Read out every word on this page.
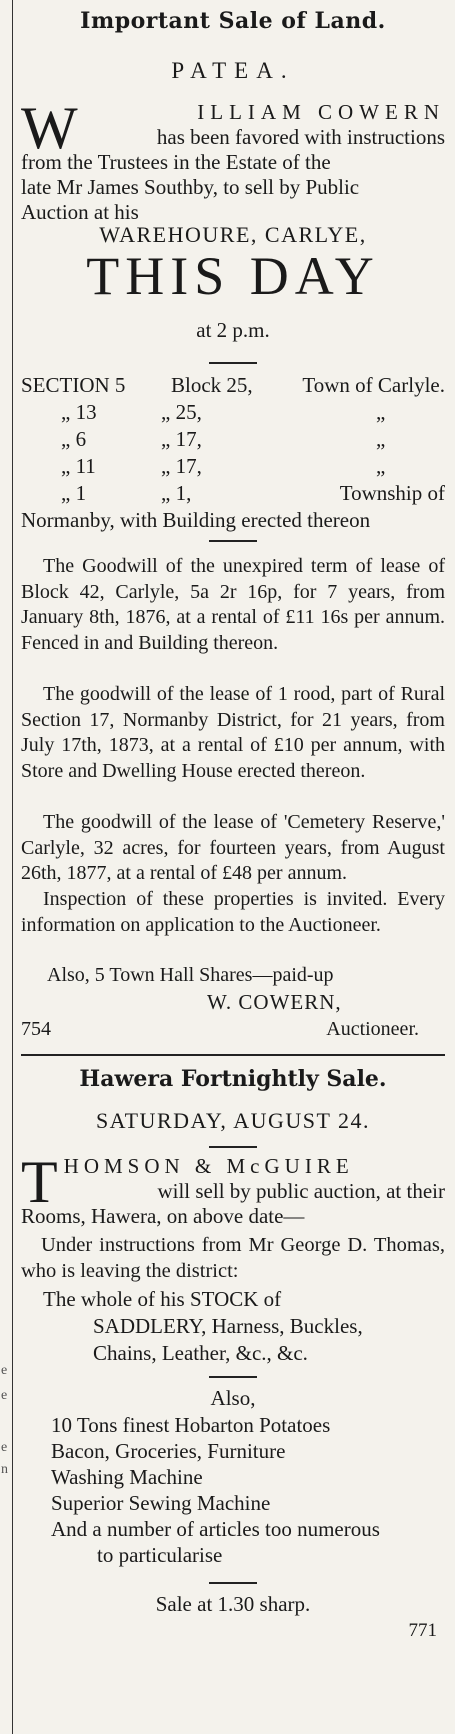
e
e
e
n
Important Sale of Land.
PATEA.
W	ILLIAM COWERN
has been favored with instructions
from the Trustees in the Estate of the
late Mr James Southby, to sell by Public
Auction at his
WAREHOURE, CARLYE,
THIS DAY
at 2 p.m.
SECTION 5	Block 25,	Town of Carlyle.
„ 13	„ 25,	„
„ 6	„ 17,	„
„ 11	„ 17,	„
„ 1	„ 1,	Township of
Normanby, with Building erected thereon
The Goodwill of the unexpired term of lease of Block 42, Carlyle, 5a 2r 16p, for 7 years, from January 8th, 1876, at a rental of £11 16s per annum. Fenced in and Building thereon.
The goodwill of the lease of 1 rood, part of Rural Section 17, Normanby District, for 21 years, from July 17th, 1873, at a rental of £10 per annum, with Store and Dwelling House erected thereon.
The goodwill of the lease of 'Cemetery Reserve,' Carlyle, 32 acres, for fourteen years, from August 26th, 1877, at a rental of £48 per annum.
Inspection of these properties is invited. Every information on application to the Auctioneer.
Also, 5 Town Hall Shares—paid-up
W. COWERN,
754	Auctioneer.
Hawera Fortnightly Sale.
SATURDAY, AUGUST 24.
T HOMSON & McGUIRE
will sell by public auction, at their
Rooms, Hawera, on above date—
Under instructions from Mr George D. Thomas, who is leaving the district:
The whole of his STOCK of
SADDLERY, Harness, Buckles,
Chains, Leather, &c., &c.
Also,
10 Tons finest Hobarton Potatoes
Bacon, Groceries, Furniture
Washing Machine
Superior Sewing Machine
And a number of articles too numerous
to particularise
Sale at 1.30 sharp.
771
